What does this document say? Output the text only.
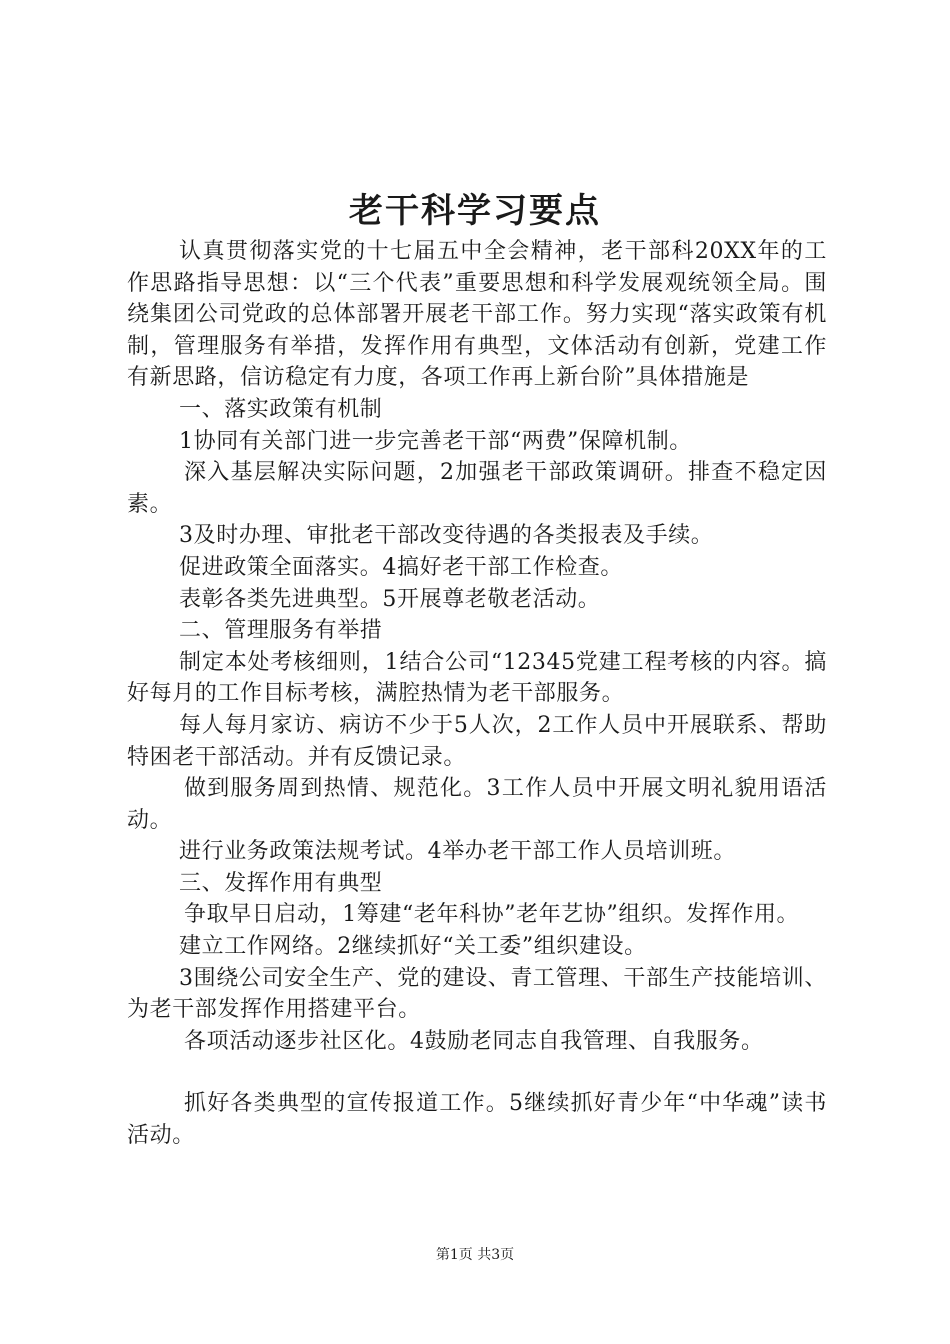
老干科学习要点

认真贯彻落实党的十七届五中全会精神，老干部科20XX年的工作思路指导思想：以“三个代表”重要思想和科学发展观统领全局。围绕集团公司党政的总体部署开展老干部工作。努力实现“落实政策有机制，管理服务有举措，发挥作用有典型，文体活动有创新，党建工作有新思路，信访稳定有力度，各项工作再上新台阶”具体措施是

一、落实政策有机制

1协同有关部门进一步完善老干部“两费”保障机制。

深入基层解决实际问题，2加强老干部政策调研。排查不稳定因素。

3及时办理、审批老干部改变待遇的各类报表及手续。

促进政策全面落实。4搞好老干部工作检查。

表彰各类先进典型。5开展尊老敬老活动。

二、管理服务有举措

制定本处考核细则，1结合公司“12345党建工程考核的内容。搞好每月的工作目标考核，满腔热情为老干部服务。

每人每月家访、病访不少于5人次，2工作人员中开展联系、帮助特困老干部活动。并有反馈记录。

做到服务周到热情、规范化。3工作人员中开展文明礼貌用语活动。

进行业务政策法规考试。4举办老干部工作人员培训班。

三、发挥作用有典型

争取早日启动，1筹建“老年科协”老年艺协”组织。发挥作用。

建立工作网络。2继续抓好“关工委”组织建设。

3围绕公司安全生产、党的建设、青工管理、干部生产技能培训、为老干部发挥作用搭建平台。

各项活动逐步社区化。4鼓励老同志自我管理、自我服务。

抓好各类典型的宣传报道工作。5继续抓好青少年“中华魂”读书活动。

第1页 共3页
